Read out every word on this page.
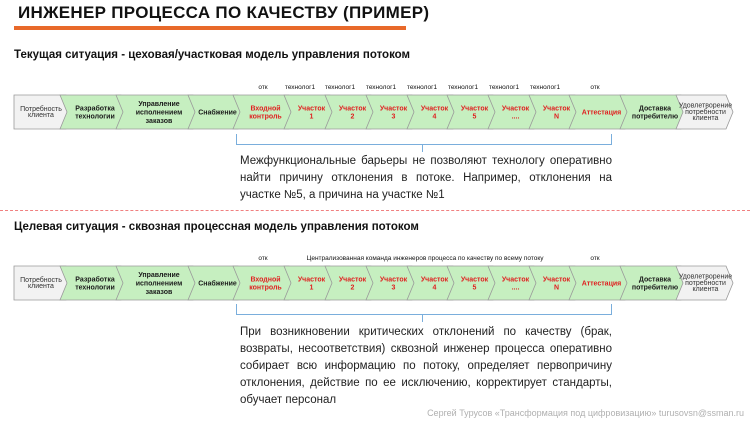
ИНЖЕНЕР ПРОЦЕССА ПО КАЧЕСТВУ (ПРИМЕР)
Текущая ситуация - цеховая/участковая модель управления потоком
отк	технолог1 технолог1 технолог1 технолог1 технолог1 технолог1 технолог1	отк
Потребность
клиента
Разработка
технологии
Управление
исполнением
заказов
Снабжение
Входной
контроль
Участок
1
Участок
2
Участок
3
Участок
4
Участок
5
Участок
....
Участок
N
Аттестация
Доставка
потребителю
Удовлетворение
потребности
клиента
Межфункциональные барьеры не позволяют технологу оперативно найти причину отклонения в потоке. Например, отклонения на участке №5, а причина на участке №1
Целевая ситуация - сквозная процессная модель управления потоком
отк	Централизованная команда инженеров процесса по качеству по всему потоку	отк
Потребность
клиента
Разработка
технологии
Управление
исполнением
заказов
Снабжение
Входной
контроль
Участок
1
Участок
2
Участок
3
Участок
4
Участок
5
Участок
....
Участок
N
Аттестация
Доставка
потребителю
Удовлетворение
потребности
клиента
При возникновении критических отклонений по качеству (брак, возвраты, несоответствия) сквозной инженер процесса оперативно собирает всю информацию по потоку, определяет первопричину отклонения, действие по ее исключению, корректирует стандарты, обучает персонал
Сергей Турусов «Трансформация под цифровизацию» turusovsn@ssman.ru
